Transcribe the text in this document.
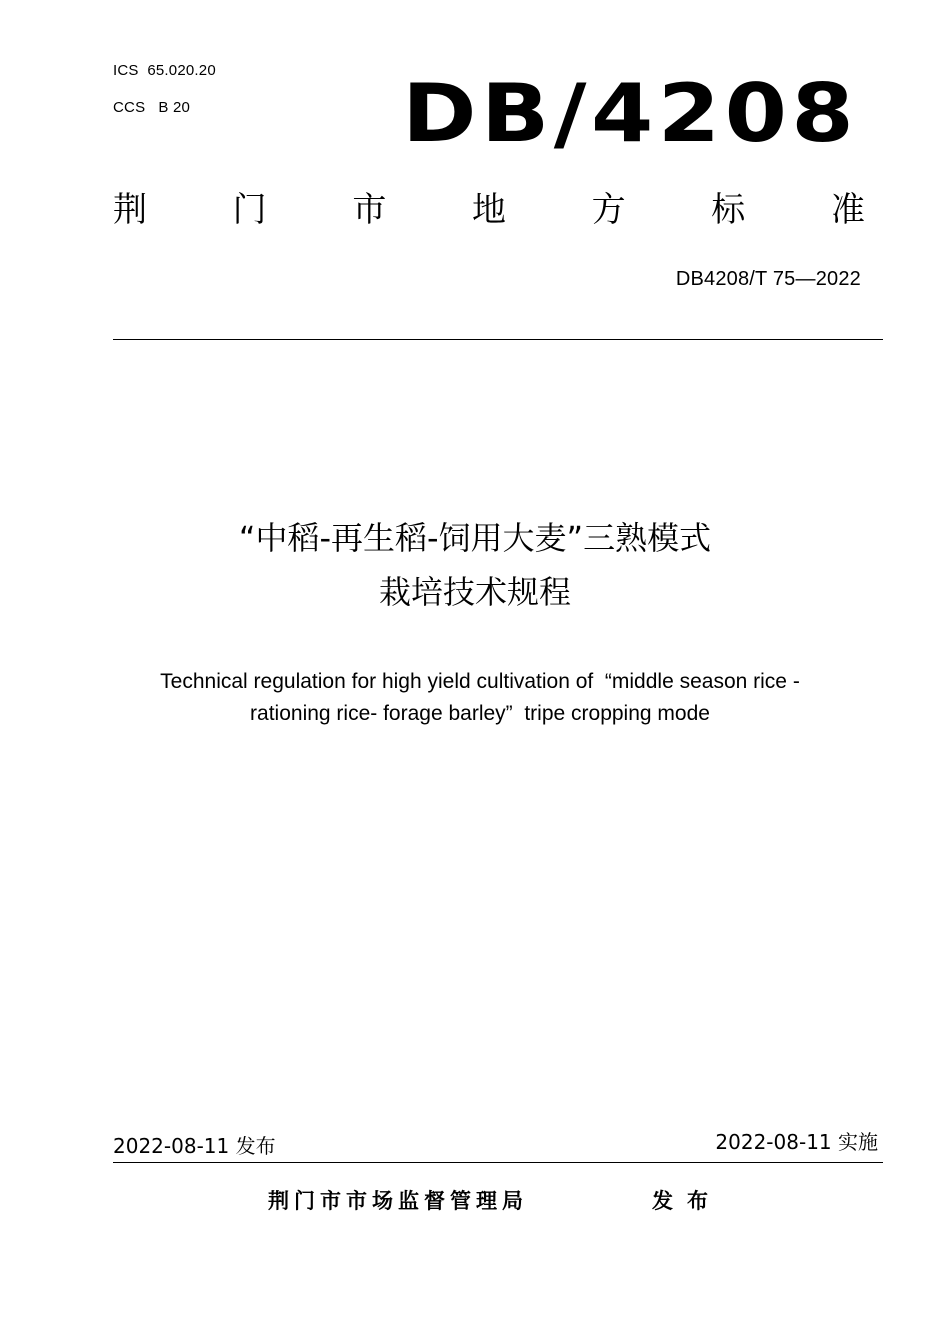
ICS  65.020.20
CCS   B 20	DB/4208
荆	门	市	地	方	标	准
DB4208/T 75—2022
“中稻-再生稻-饲用大麦”三熟模式
栽培技术规程
Technical regulation for high yield cultivation of  “middle season rice -
rationing rice- forage barley”  tripe cropping mode
2022-08-11 发布	2022-08-11 实施
荆门市市场监督管理局	发布
